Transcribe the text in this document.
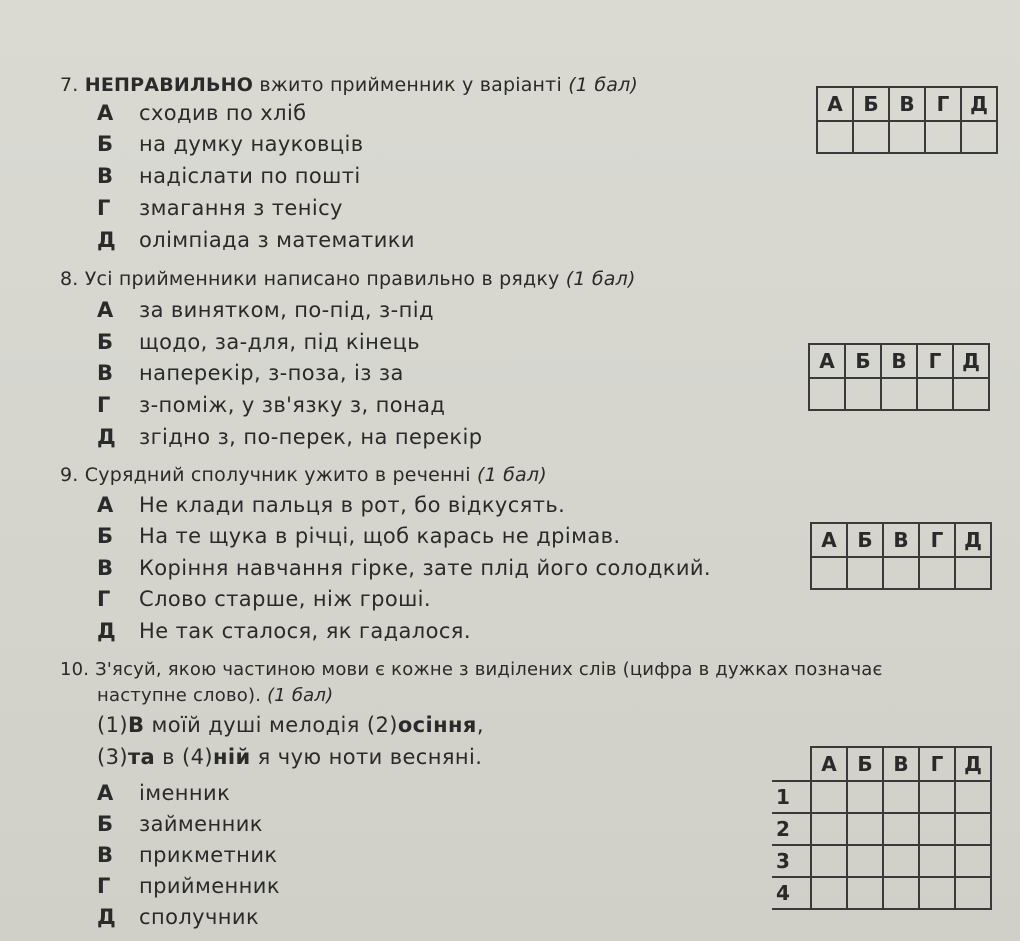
7. НЕПРАВИЛЬНО вжито прийменник у варіанті (1 бал)
А сходив по хліб
Б на думку науковців
В надіслати по пошті
Г змагання з тенісу
Д олімпіада з математики
А	Б	В	Г	Д

8. Усі прийменники написано правильно в рядку (1 бал)
А за винятком, по-під, з-під
Б щодо, за-для, під кінець
В наперекір, з-поза, із за
Г з-поміж, у зв'язку з, понад
Д згідно з, по-перек, на перекір
А	Б	В	Г	Д

9. Сурядний сполучник ужито в реченні (1 бал)
А Не клади пальця в рот, бо відкусять.
Б На те щука в річці, щоб карась не дрімав.
В Коріння навчання гірке, зате плід його солодкий.
Г Слово старше, ніж гроші.
Д Не так сталося, як гадалося.
А	Б	В	Г	Д

10. З'ясуй, якою частиною мови є кожне з виділених слів (цифра в дужках позначає
наступне слово). (1 бал)
(1)В моїй душі мелодія (2)осіння,
(3)та в (4)ній я чую ноти весняні.
А іменник
Б займенник
В прикметник
Г прийменник
Д сполучник
	А	Б	В	Г	Д
1					
2					
3					
4					
